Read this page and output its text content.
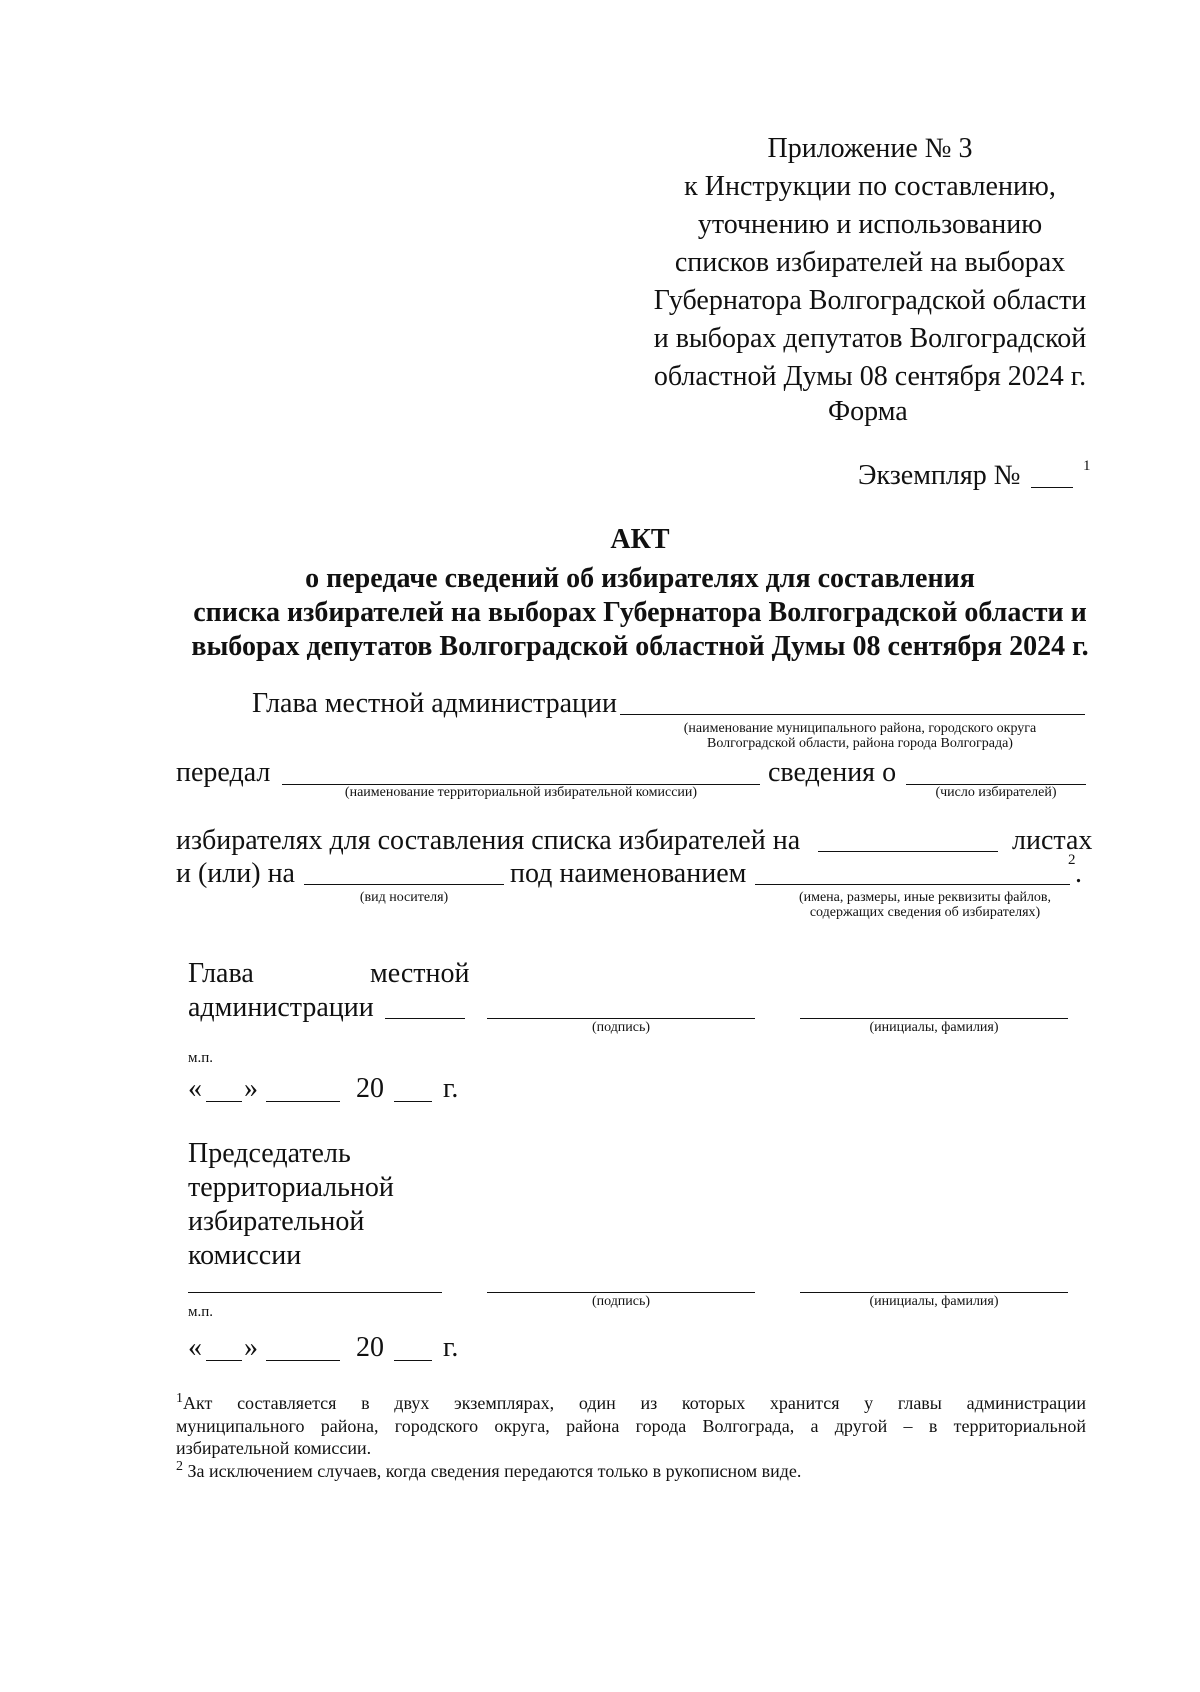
Приложение № 3
к Инструкции по составлению,
уточнению и использованию
списков избирателей на выборах
Губернатора Волгоградской области
и выборах депутатов Волгоградской
областной Думы 08 сентября 2024 г.
Форма
Экземпляр №	1
АКТ
о передаче сведений об избирателях для составления
списка избирателей на выборах Губернатора Волгоградской области и
выборах депутатов Волгоградской областной Думы 08 сентября 2024 г.
Глава местной администрации
(наименование муниципального района, городского округа
Волгоградской области, района города Волгограда)
передал
(наименование территориальной избирательной комиссии)
сведения о
(число избирателей)
избирателях для составления списка избирателей на	листах
и (или) на
(вид носителя)
под наименованием	2 .
(имена, размеры, иные реквизиты файлов,
содержащих сведения об избирателях)
Глава	местной
администрации
(подпись)	(инициалы, фамилия)
м.п.
« »	20 г.
Председатель
территориальной
избирательной
комиссии
(подпись)	(инициалы, фамилия)
м.п.
« »	20 г.
$^1$Акт составляется в двух экземплярах, один из которых хранится у главы администрации
муниципального района, городского округа, района города Волгограда, а другой – в территориальной
избирательной комиссии.
$^2$ За исключением случаев, когда сведения передаются только в рукописном виде.
